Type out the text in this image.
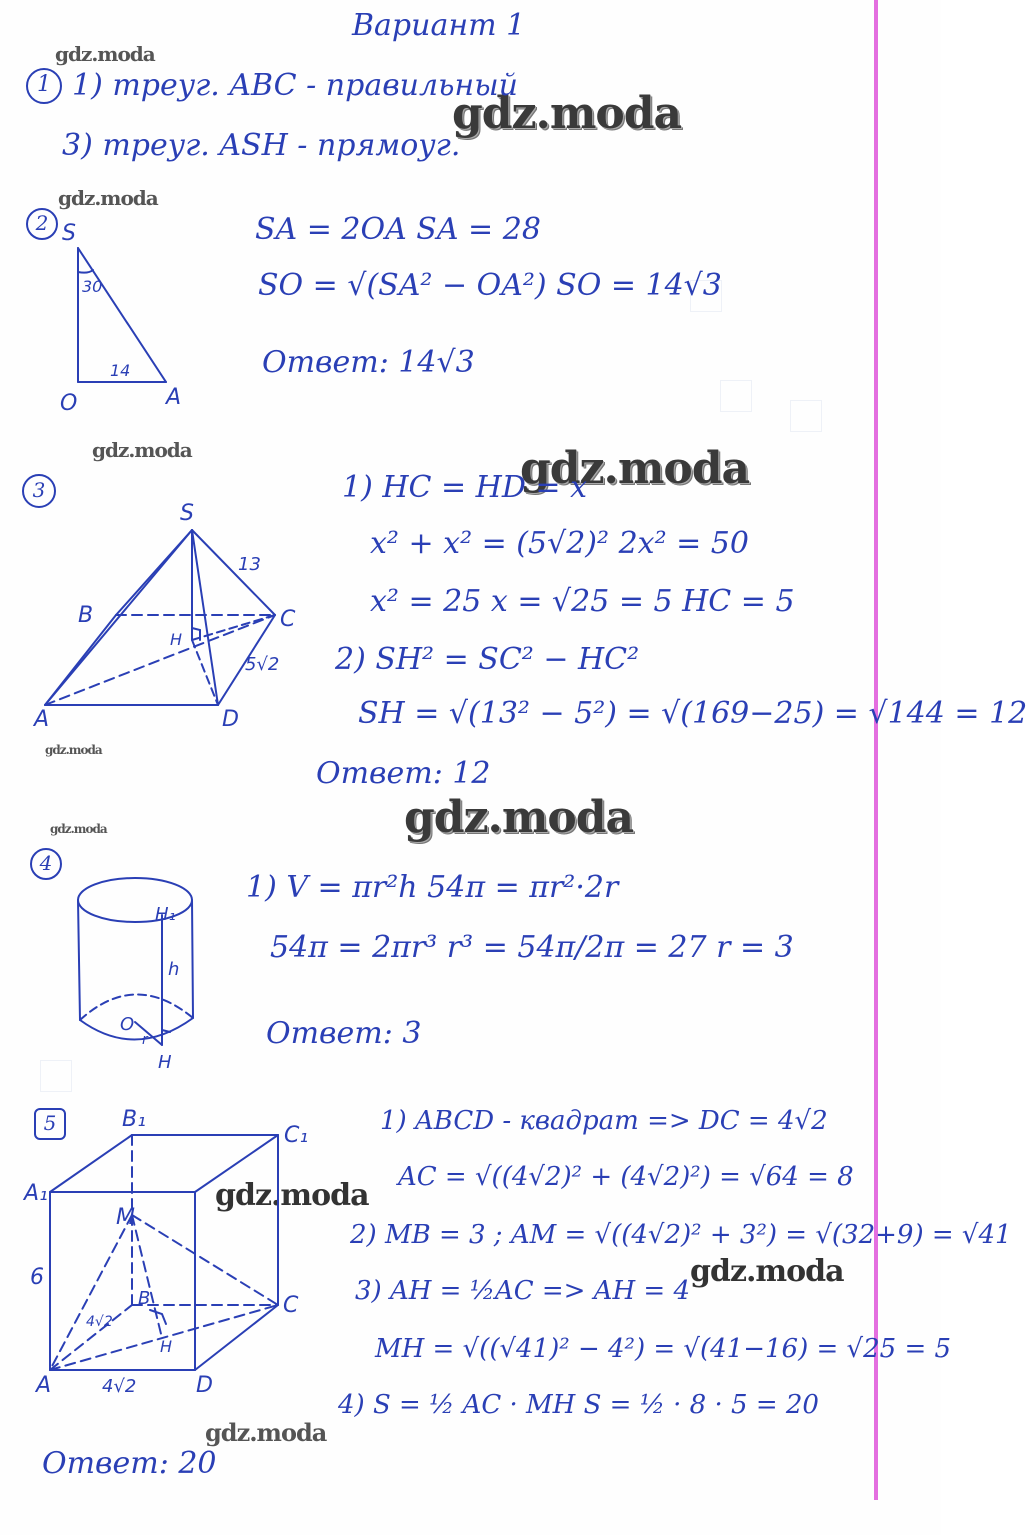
Вариант 1
gdz.moda
gdz.moda
gdz.moda
gdz.moda	gdz.moda
gdz.moda
gdz.moda
gdz.moda
gdz.moda
gdz.moda
gdz.moda
1
2
3
4
5
1) треуг. ABC - правильный
3) треуг. ASH - прямоуг.
SA = 2OA SA = 28
SO = √(SA² − OA²) SO = 14√3
Ответ: 14√3
1) HC = HD = x
x² + x² = (5√2)² 2x² = 50
x² = 25 x = √25 = 5 HC = 5
2) SH² = SC² − HC²
SH = √(13² − 5²) = √(169−25) = √144 = 12
Ответ: 12
1) V = πr²h 54π = πr²·2r
54π = 2πr³ r³ = 54π/2π = 27 r = 3
Ответ: 3
1) ABCD - квадрат => DC = 4√2
AC = √((4√2)² + (4√2)²) = √64 = 8
2) MB = 3 ; AM = √((4√2)² + 3²) = √(32+9) = √41
3) AH = ½AC => AH = 4
MH = √((√41)² − 4²) = √(41−16) = √25 = 5
4) S = ½ AC · MH S = ½ · 8 · 5 = 20
Ответ: 20
S
O	A
30
14
S
B	C
H
A	D
13
5√2
H₁
h
O
r
H
B₁
C₁
A₁
M
B	C
A	D
H
6
4√2
4√2
